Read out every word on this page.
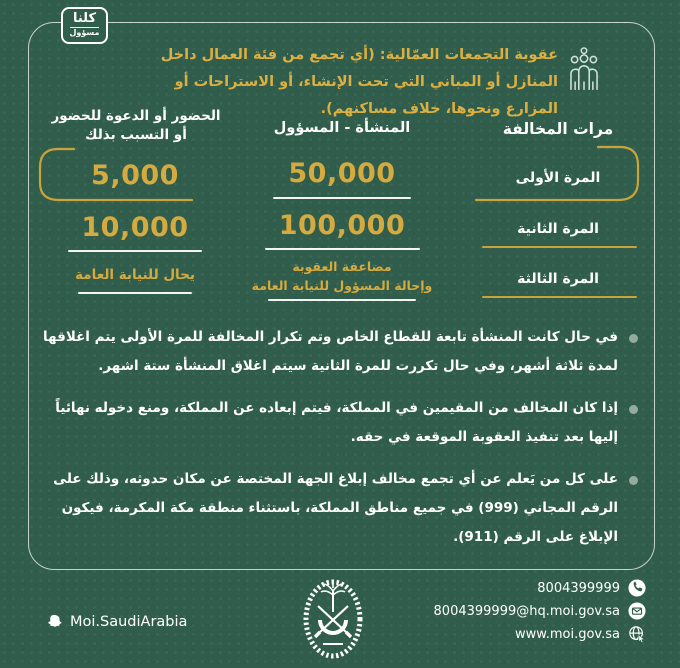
كلنا
مسؤول
عقوبة التجمعات العمّالية: (أي تجمع من فئة العمال داخل المنازل أو المباني التي تحت الإنشاء، أو الاستراحات أو المزارع ونحوها، خلاف مساكنهم).
مرات المخالفة
المنشأة - المسؤول
الحضور أو الدعوة للحضور
أو التسبب بذلك
المرة الأولى
50,000
5,000
المرة الثانية
100,000
10,000
المرة الثالثة
مضاعفة العقوبة
وإحالة المسؤول للنيابة العامة
يحال للنيابة العامة
في حال كانت المنشأة تابعة للقطاع الخاص وتم تكرار المخالفة للمرة الأولى يتم اغلاقها لمدة ثلاثة أشهر، وفي حال تكررت للمرة الثانية سيتم اغلاق المنشأة ستة اشهر.
إذا كان المخالف من المقيمين في المملكة، فيتم إبعاده عن المملكة، ومنع دخوله نهائياً إليها بعد تنفيذ العقوبة الموقعة في حقه.
على كل من يَعلم عن أي تجمع مخالف إبلاغ الجهة المختصة عن مكان حدوثه، وذلك على الرقم المجاني (999) في جميع مناطق المملكة، باستثناء منطقة مكة المكرمة، فيكون الإبلاغ على الرقم (911).
Moi.SaudiArabia
8004399999
8004399999@hq.moi.gov.sa
www.moi.gov.sa
